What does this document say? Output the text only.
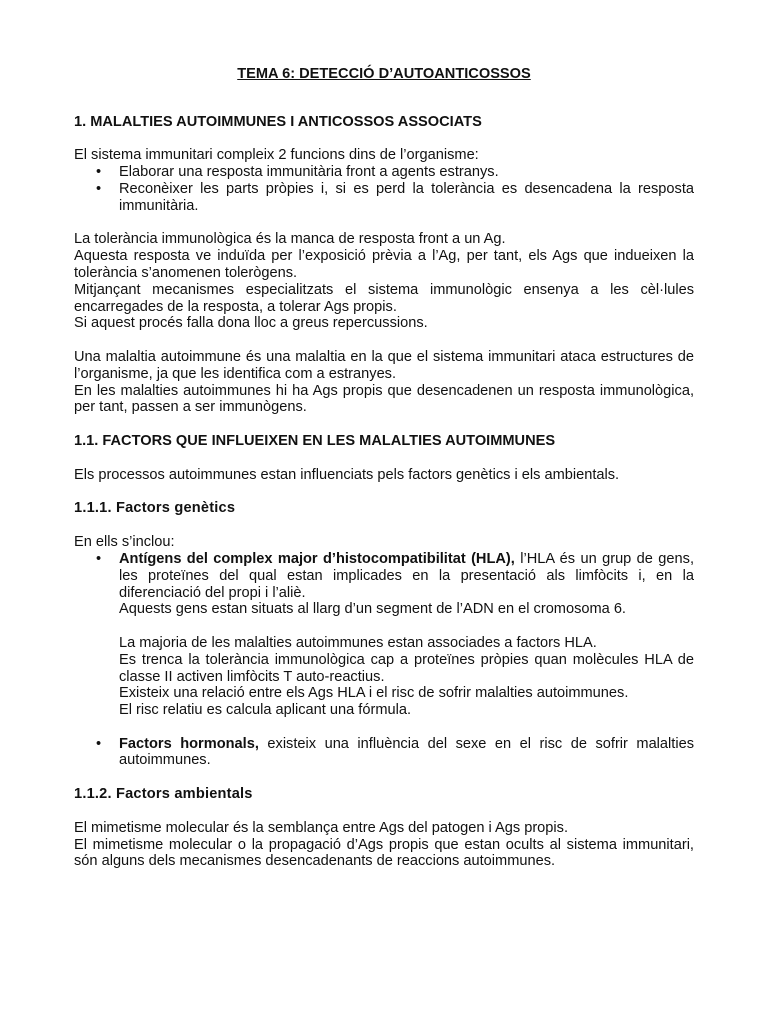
TEMA 6: DETECCIÓ D’AUTOANTICOSSOS
1. MALALTIES AUTOIMMUNES I ANTICOSSOS ASSOCIATS

El sistema immunitari compleix 2 funcions dins de l’organisme:

• Elaborar una resposta immunitària front a agents estranys.
• Reconèixer les parts pròpies i, si es perd la tolerància es desencadena la resposta immunitària.

La tolerància immunològica és la manca de resposta front a un Ag.

Aquesta resposta ve induïda per l’exposició prèvia a l’Ag, per tant, els Ags que indueixen la tolerància s’anomenen tolerògens.

Mitjançant mecanismes especialitzats el sistema immunològic ensenya a les cèl·lules encarregades de la resposta, a tolerar Ags propis.

Si aquest procés falla dona lloc a greus repercussions.

Una malaltia autoimmune és una malaltia en la que el sistema immunitari ataca estructures de l’organisme, ja que les identifica com a estranyes.

En les malalties autoimmunes hi ha Ags propis que desencadenen un resposta immunològica, per tant, passen a ser immunògens.

1.1. FACTORS QUE INFLUEIXEN EN LES MALALTIES AUTOIMMUNES

Els processos autoimmunes estan influenciats pels factors genètics i els ambientals.

1.1.1. Factors genètics

En ells s’inclou:

• Antígens del complex major d’histocompatibilitat (HLA), l’HLA és un grup de gens, les proteïnes del qual estan implicades en la presentació als limfòcits i, en la diferenciació del propi i l’aliè.
Aquests gens estan situats al llarg d’un segment de l’ADN en el cromosoma 6.
La majoria de les malalties autoimmunes estan associades a factors HLA.
Es trenca la tolerància immunològica cap a proteïnes pròpies quan molècules HLA de classe II activen limfòcits T auto-reactius.
Existeix una relació entre els Ags HLA i el risc de sofrir malalties autoimmunes.
El risc relatiu es calcula aplicant una fórmula.
• Factors hormonals, existeix una influència del sexe en el risc de sofrir malalties autoimmunes.
1.1.2. Factors ambientals

El mimetisme molecular és la semblança entre Ags del patogen i Ags propis.

El mimetisme molecular o la propagació d’Ags propis que estan ocults al sistema immunitari, són alguns dels mecanismes desencadenants de reaccions autoimmunes.
